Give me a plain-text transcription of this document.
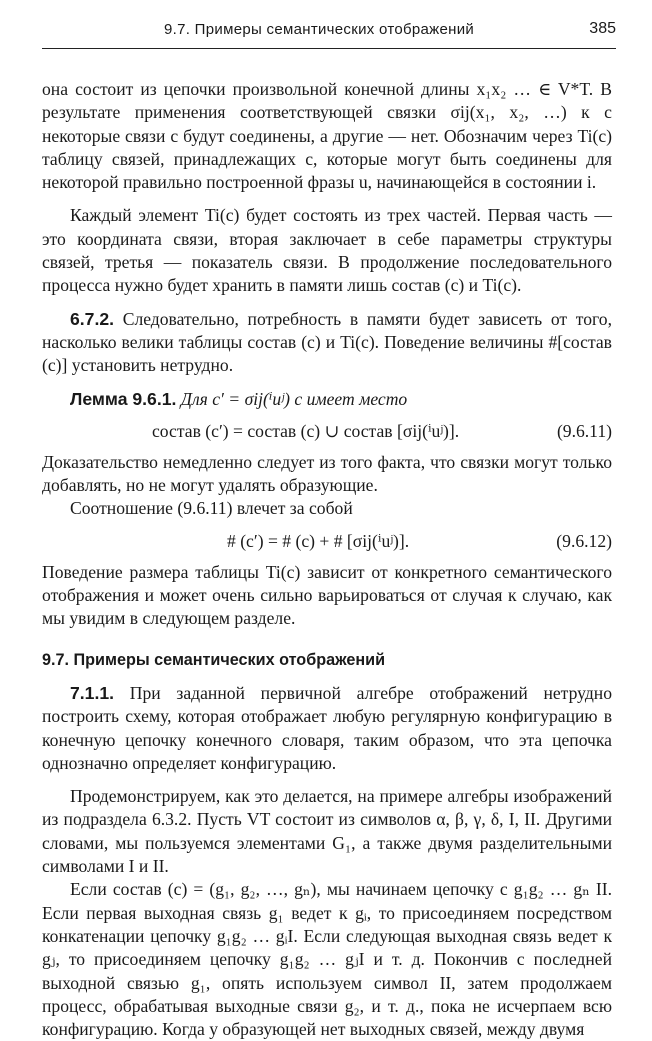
9.7. Примеры семантических отображений	385

она состоит из цепочки произвольной конечной длины x₁x₂ … ∈ V*T. В результате применения соответствующей связки σij(x₁, x₂, …) к c некоторые связи c будут соединены, а другие — нет. Обозначим через Ti(c) таблицу связей, принадлежащих c, которые могут быть соединены для некоторой правильно построенной фразы u, начинающейся в состоянии i.

Каждый элемент Ti(c) будет состоять из трех частей. Первая часть — это координата связи, вторая заключает в себе параметры структуры связей, третья — показатель связи. В продолжение последовательного процесса нужно будет хранить в памяти лишь состав (c) и Ti(c).

6.7.2. Следовательно, потребность в памяти будет зависеть от того, насколько велики таблицы состав (c) и Ti(c). Поведение величины #[состав (c)] установить нетрудно.

Лемма 9.6.1. Для c′ = σij(ⁱuʲ) c имеет место

состав (c′) = состав (c) ∪ состав [σij(ⁱuʲ)].	(9.6.11)

Доказательство немедленно следует из того факта, что связки могут только добавлять, но не могут удалять образующие.

Соотношение (9.6.11) влечет за собой

# (c′) = # (c) + # [σij(ⁱuʲ)].	(9.6.12)

Поведение размера таблицы Ti(c) зависит от конкретного семантического отображения и может очень сильно варьироваться от случая к случаю, как мы увидим в следующем разделе.

9.7. Примеры семантических отображений

7.1.1. При заданной первичной алгебре отображений нетрудно построить схему, которая отображает любую регулярную конфигурацию в конечную цепочку конечного словаря, таким образом, что эта цепочка однозначно определяет конфигурацию.

Продемонстрируем, как это делается, на примере алгебры изображений из подраздела 6.3.2. Пусть VT состоит из символов α, β, γ, δ, I, II. Другими словами, мы пользуемся элементами G₁, а также двумя разделительными символами I и II.

Если состав (c) = (g₁, g₂, …, gₙ), мы начинаем цепочку с g₁g₂ … gₙ II. Если первая выходная связь g₁ ведет к gᵢ, то присоединяем посредством конкатенации цепочку g₁g₂ … gᵢI. Если следующая выходная связь ведет к gⱼ, то присоединяем цепочку g₁g₂ … gⱼI и т. д. Покончив с последней выходной связью g₁, опять используем символ II, затем продолжаем процесс, обрабатывая выходные связи g₂, и т. д., пока не исчерпаем всю конфигурацию. Когда у образующей нет выходных связей, между двумя
